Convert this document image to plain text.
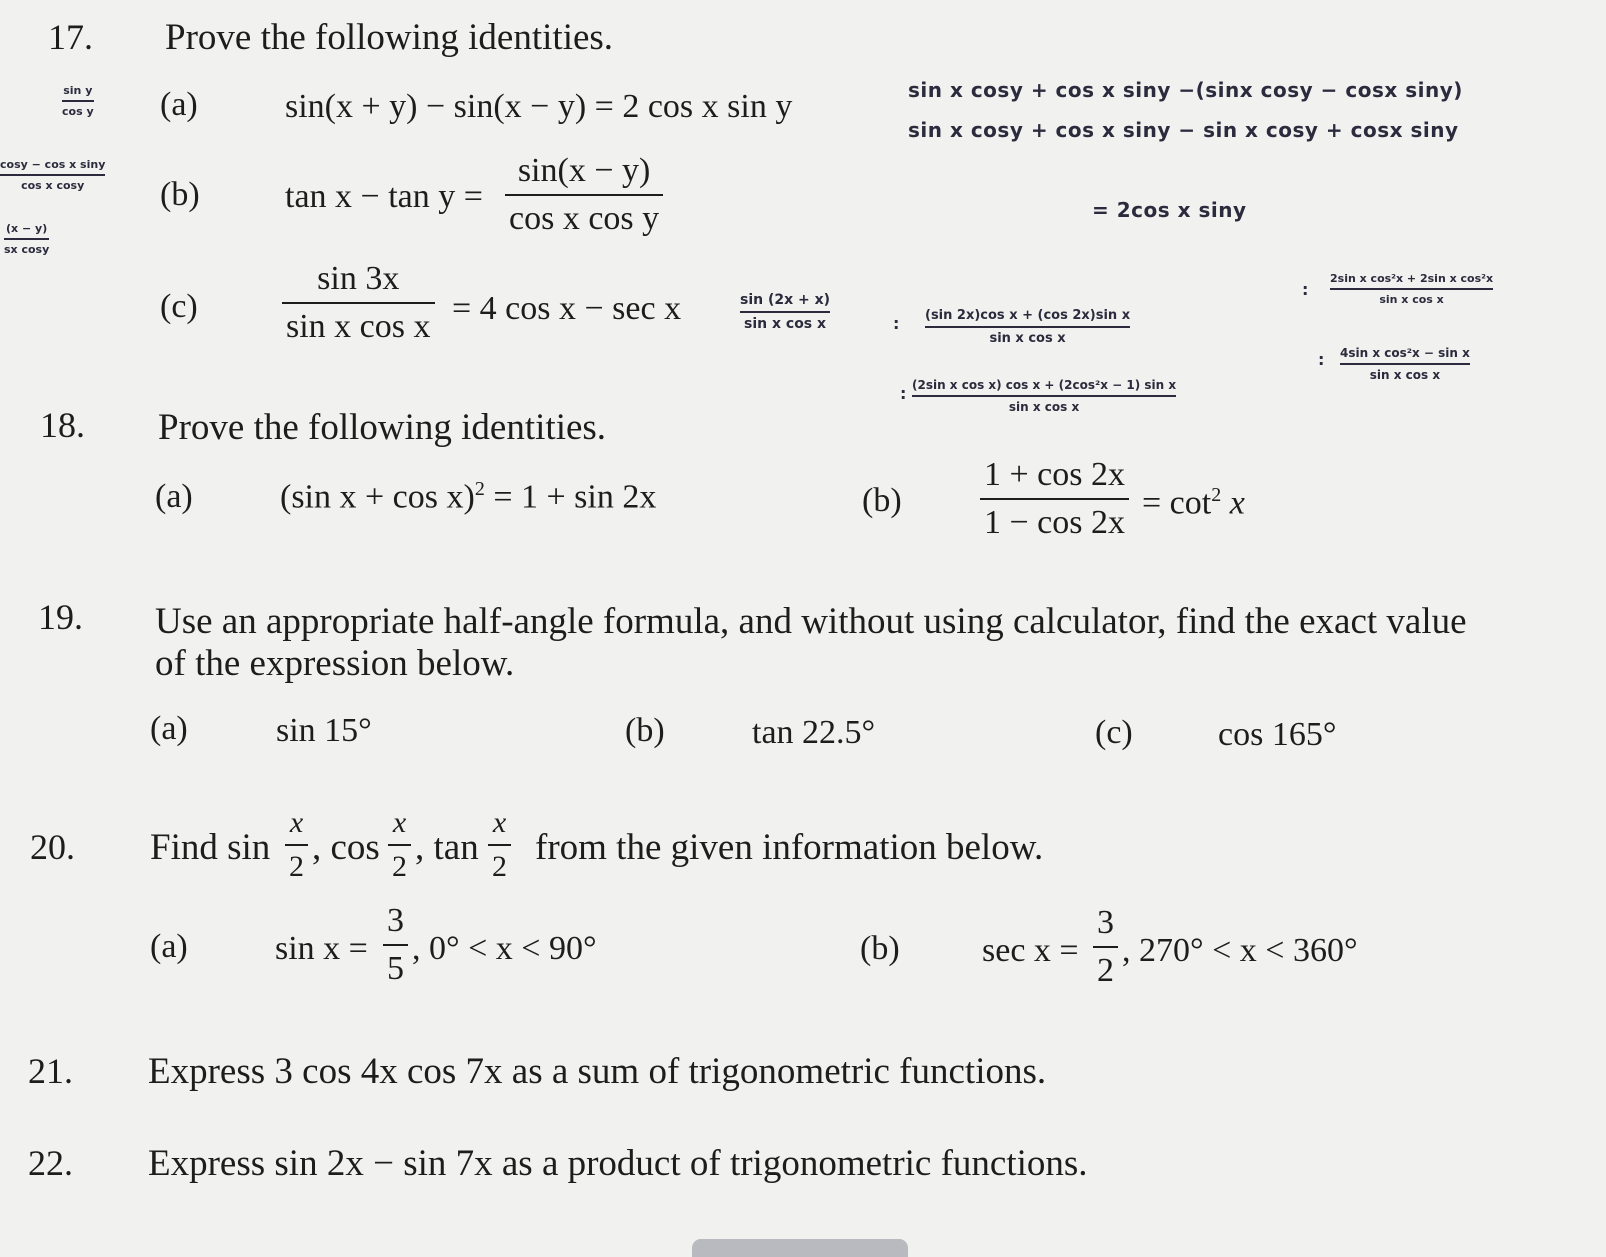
17. Prove the following identities.
(a)	sin(x + y) − sin(x − y) = 2 cos x sin y
(b)	tan x − tan y =
sin(x − y)
cos x cos y
(c)
sin 3x
sin x cos x = 4 cos x − sec x
18. Prove the following identities.
(a)	(sin x + cos x)$^2$ = 1 + sin 2x	(b)
1 + cos 2x
1 − cos 2x
= $\cot^2 x$
19. Use an appropriate half-angle formula, and without using calculator, find the exact value
of the expression below.
(a)	sin 15°	(b)	tan 22.5°	(c)	cos 165°
20. Find sin
x
2 , cos
x
2 , tan
x
2 from the given information below.
(a)	sin x =
3
5
, 0° < x < 90°	(b) sec x =
3
2
, 270° < x < 360°
21. Express 3 cos 4x cos 7x as a sum of trigonometric functions.
22. Express sin 2x − sin 7x as a product of trigonometric functions.
sin x cosy + cos x siny −(sinx cosy − cosx siny)
sin x cosy + cos x siny − sin x cosy + cosx siny
= 2cos x siny
sin (2x + x)
sin x cos x	: (sin 2x)cos x + (cos 2x)sin x
sin x cos x
: (2sin x cos x) cos x + (2cos²x − 1) sin x
sin x cos x
:
2sin x cos²x + 2sin x cos²x
sin x cos x
: 4sin x cos²x − sin x
sin x cos x
sin y
cos y
cosy − cos x siny
cos x cosy
(x − y)
sx cosy
